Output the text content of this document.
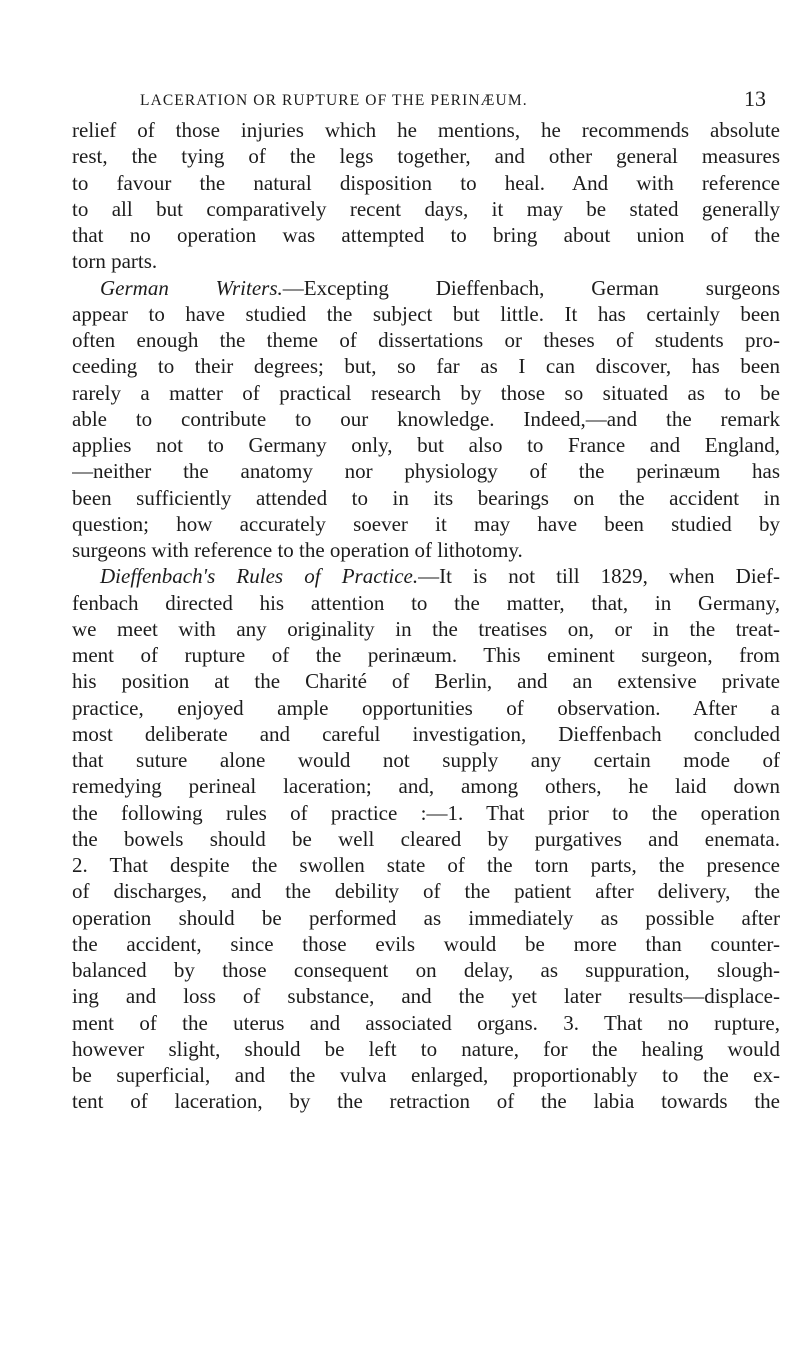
LACERATION OR RUPTURE OF THE PERINÆUM.	13
relief of those injuries which he mentions, he recommends absolute
rest, the tying of the legs together, and other general measures
to favour the natural disposition to heal. And with reference
to all but comparatively recent days, it may be stated generally
that no operation was attempted to bring about union of the
torn parts.
German Writers.—Excepting Dieffenbach, German surgeons
appear to have studied the subject but little. It has certainly been
often enough the theme of dissertations or theses of students pro-
ceeding to their degrees; but, so far as I can discover, has been
rarely a matter of practical research by those so situated as to be
able to contribute to our knowledge. Indeed,—and the remark
applies not to Germany only, but also to France and England,
—neither the anatomy nor physiology of the perinæum has
been sufficiently attended to in its bearings on the accident in
question; how accurately soever it may have been studied by
surgeons with reference to the operation of lithotomy.
Dieffenbach's Rules of Practice.—It is not till 1829, when Dief-
fenbach directed his attention to the matter, that, in Germany,
we meet with any originality in the treatises on, or in the treat-
ment of rupture of the perinæum. This eminent surgeon, from
his position at the Charité of Berlin, and an extensive private
practice, enjoyed ample opportunities of observation. After a
most deliberate and careful investigation, Dieffenbach concluded
that suture alone would not supply any certain mode of
remedying perineal laceration; and, among others, he laid down
the following rules of practice :—1. That prior to the operation
the bowels should be well cleared by purgatives and enemata.
2. That despite the swollen state of the torn parts, the presence
of discharges, and the debility of the patient after delivery, the
operation should be performed as immediately as possible after
the accident, since those evils would be more than counter-
balanced by those consequent on delay, as suppuration, slough-
ing and loss of substance, and the yet later results—displace-
ment of the uterus and associated organs. 3. That no rupture,
however slight, should be left to nature, for the healing would
be superficial, and the vulva enlarged, proportionably to the ex-
tent of laceration, by the retraction of the labia towards the
